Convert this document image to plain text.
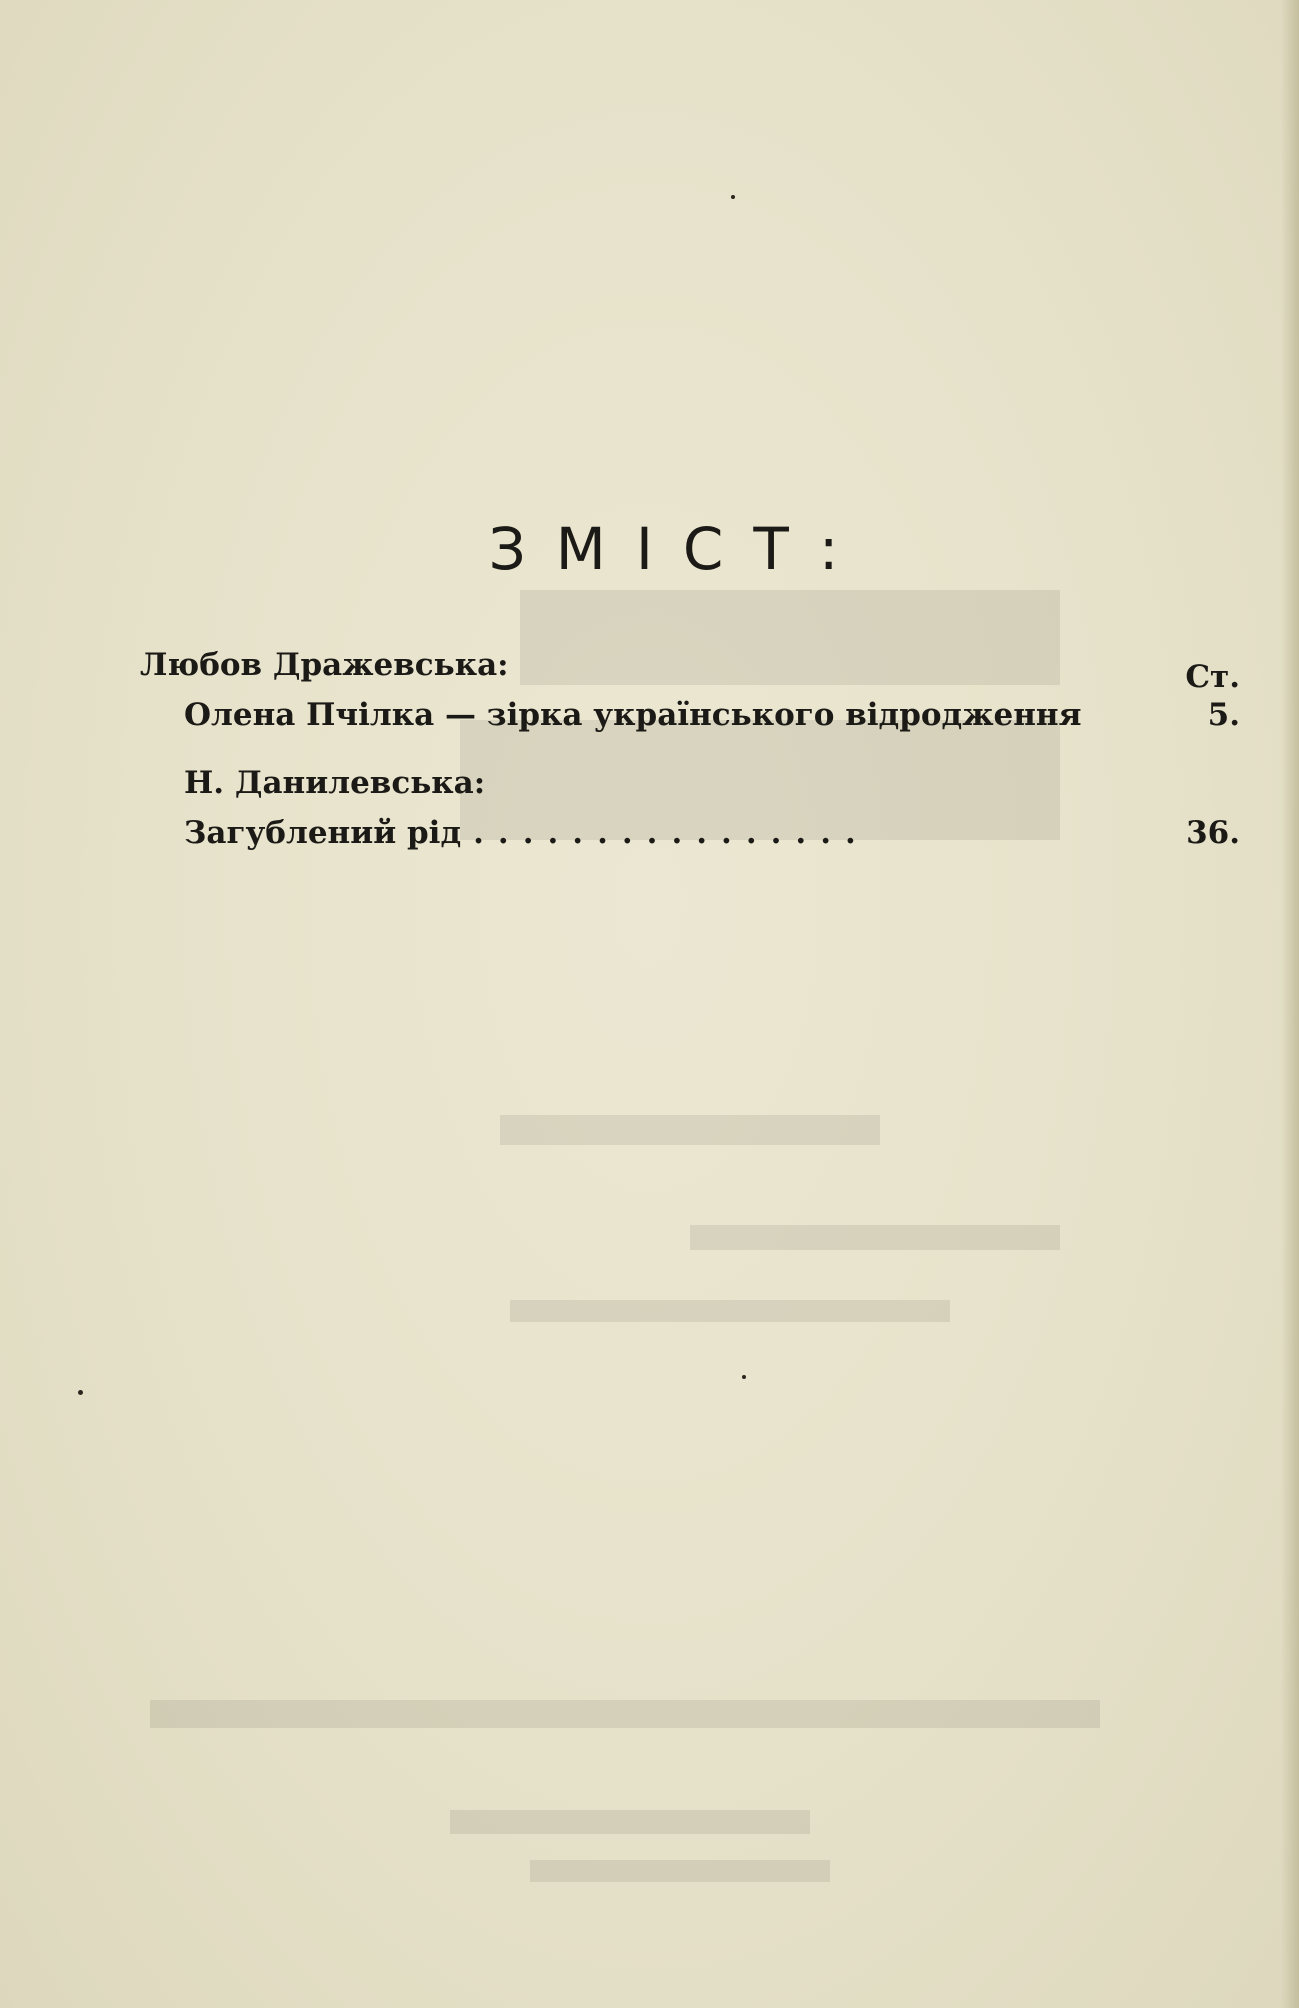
ЗМІСТ:
Любов Дражевська:	Ст.
Олена Пчілка — зірка українського відродження	5.
Н. Данилевська:
Загублений рід ................	36.
